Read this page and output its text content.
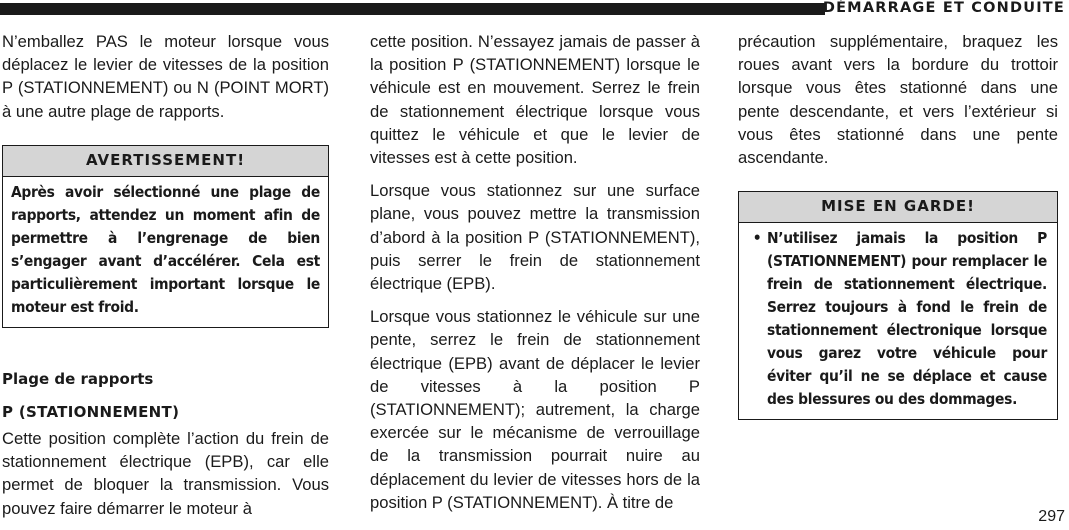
DÉMARRAGE ET CONDUITE

N’emballez PAS le moteur lorsque vous déplacez le levier de vitesses de la position P (STATIONNEMENT) ou N (POINT MORT) à une autre plage de rapports.

AVERTISSEMENT!
Après avoir sélectionné une plage de rapports, attendez un moment afin de permettre à l’engrenage de bien s’engager avant d’accélérer. Cela est particulièrement important lorsque le moteur est froid.
Plage de rapports
P (STATIONNEMENT)

Cette position complète l’action du frein de stationnement électrique (EPB), car elle permet de bloquer la transmission. Vous pouvez faire démarrer le moteur à

cette position. N’essayez jamais de passer à la position P (STATIONNEMENT) lorsque le véhicule est en mouvement. Serrez le frein de stationnement électrique lorsque vous quittez le véhicule et que le levier de vitesses est à cette position.

Lorsque vous stationnez sur une surface plane, vous pouvez mettre la transmission d’abord à la position P (STATIONNEMENT), puis serrer le frein de stationnement électrique (EPB).

Lorsque vous stationnez le véhicule sur une pente, serrez le frein de stationnement électrique (EPB) avant de déplacer le levier de vitesses à la position P (STATIONNEMENT); autrement, la charge exercée sur le mécanisme de verrouillage de la transmission pourrait nuire au déplacement du levier de vitesses hors de la position P (STATIONNEMENT). À titre de

précaution supplémentaire, braquez les roues avant vers la bordure du trottoir lorsque vous êtes stationné dans une pente descendante, et vers l’extérieur si vous êtes stationné dans une pente ascendante.

MISE EN GARDE!
• N’utilisez jamais la position P (STATIONNEMENT) pour remplacer le frein de stationnement électrique. Serrez toujours à fond le frein de stationnement électronique lorsque vous garez votre véhicule pour éviter qu’il ne se déplace et cause des blessures ou des dommages.
297
